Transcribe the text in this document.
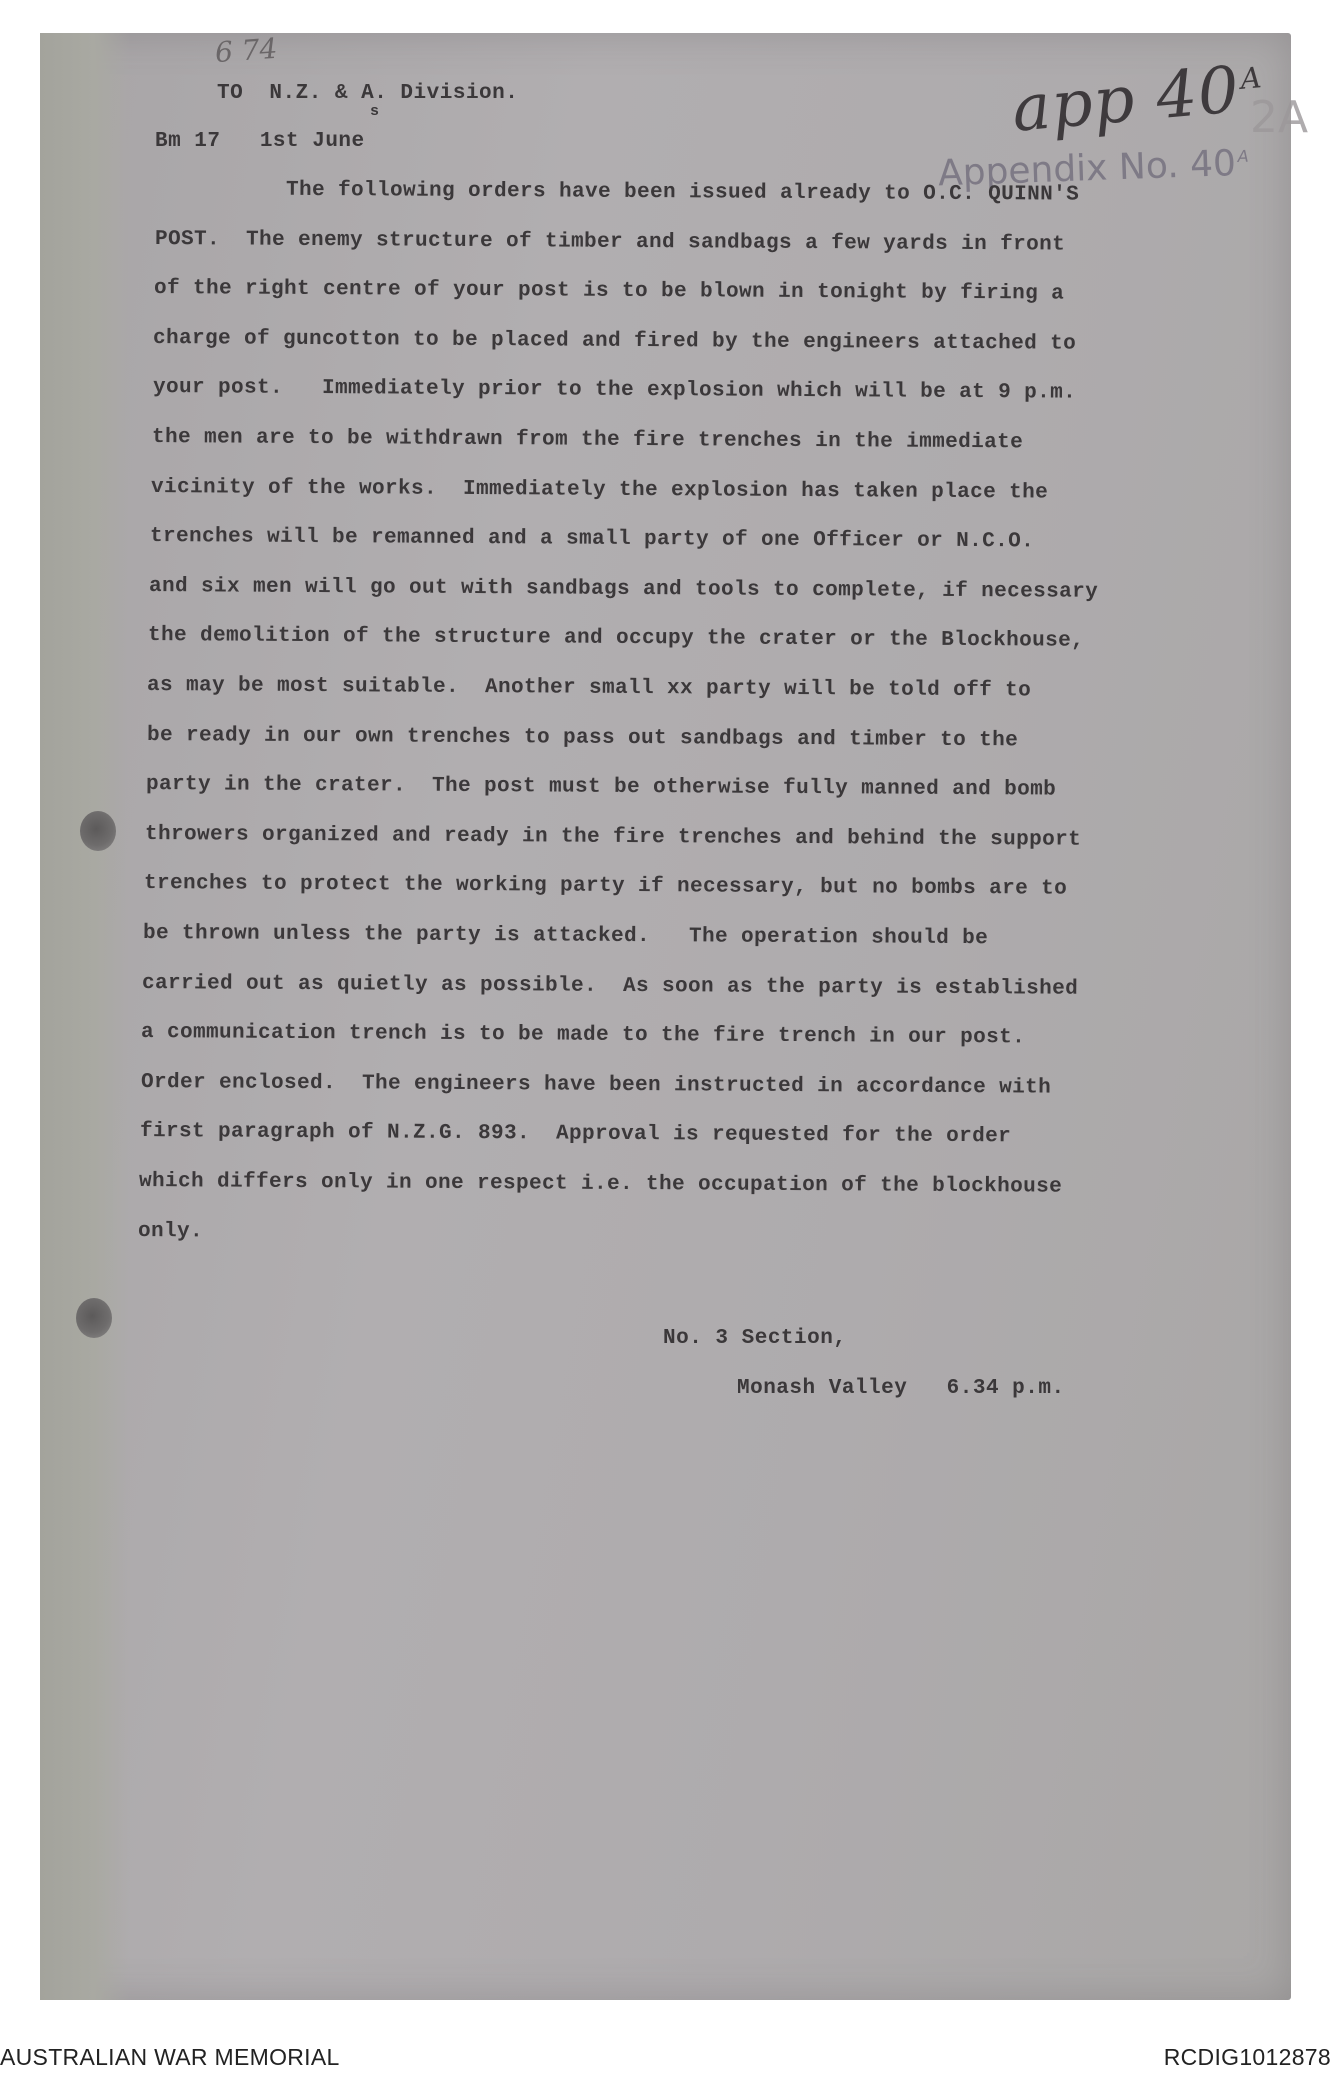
6 74
app $40^A$
2A
Appendix No. $40^A$
TO  N.Z. & A. Division.
s
Bm 17   1st June
The following orders have been issued already to O.C. QUINN'S
POST.  The enemy structure of timber and sandbags a few yards in front
of the right centre of your post is to be blown in tonight by firing a
charge of guncotton to be placed and fired by the engineers attached to
your post.   Immediately prior to the explosion which will be at 9 p.m.
the men are to be withdrawn from the fire trenches in the immediate
vicinity of the works.  Immediately the explosion has taken place the
trenches will be remanned and a small party of one Officer or N.C.O.
and six men will go out with sandbags and tools to complete, if necessary
the demolition of the structure and occupy the crater or the Blockhouse,
as may be most suitable.  Another small xx party will be told off to
be ready in our own trenches to pass out sandbags and timber to the
party in the crater.  The post must be otherwise fully manned and bomb
throwers organized and ready in the fire trenches and behind the support
trenches to protect the working party if necessary, but no bombs are to
be thrown unless the party is attacked.   The operation should be
carried out as quietly as possible.  As soon as the party is established
a communication trench is to be made to the fire trench in our post.
Order enclosed.  The engineers have been instructed in accordance with
first paragraph of N.Z.G. 893.  Approval is requested for the order
which differs only in one respect i.e. the occupation of the blockhouse
only.
No. 3 Section,
Monash Valley   6.34 p.m.
AUSTRALIAN WAR MEMORIAL	RCDIG1012878
